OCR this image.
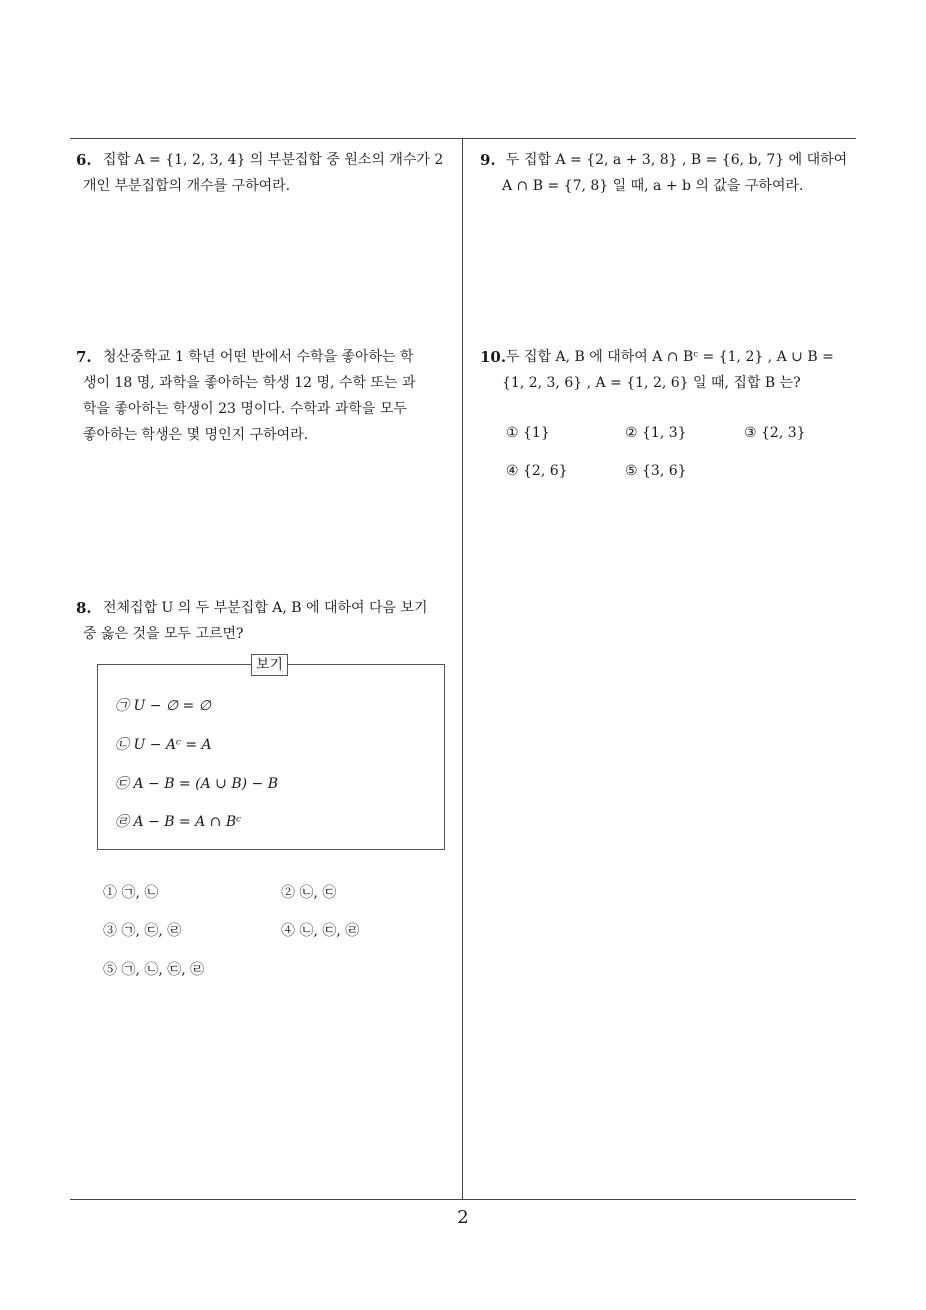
6. 집합 A = {1, 2, 3, 4} 의 부분집합 중 원소의 개수가 2
개인 부분집합의 개수를 구하여라.
7. 청산중학교 1 학년 어떤 반에서 수학을 좋아하는 학
생이 18 명, 과학을 좋아하는 학생 12 명, 수학 또는 과
학을 좋아하는 학생이 23 명이다. 수학과 과학을 모두
좋아하는 학생은 몇 명인지 구하여라.
8. 전체집합 U 의 두 부분집합 A, B 에 대하여 다음 보기
중 옳은 것을 모두 고르면?
보기
㉠ U − ∅ = ∅
㉡ U − Aᶜ = A
㉢ A − B = (A ∪ B) − B
㉣ A − B = A ∩ Bᶜ
① ㉠, ㉡	② ㉡, ㉢
③ ㉠, ㉢, ㉣	④ ㉡, ㉢, ㉣
⑤ ㉠, ㉡, ㉢, ㉣
9. 두 집합 A = {2, a + 3, 8} , B = {6, b, 7} 에 대하여
A ∩ B = {7, 8} 일 때, a + b 의 값을 구하여라.
10. 두 집합 A, B 에 대하여 A ∩ Bᶜ = {1, 2} , A ∪ B =
{1, 2, 3, 6} , A = {1, 2, 6} 일 때, 집합 B 는?
① {1}	② {1, 3}	③ {2, 3}
④ {2, 6}	⑤ {3, 6}
2
